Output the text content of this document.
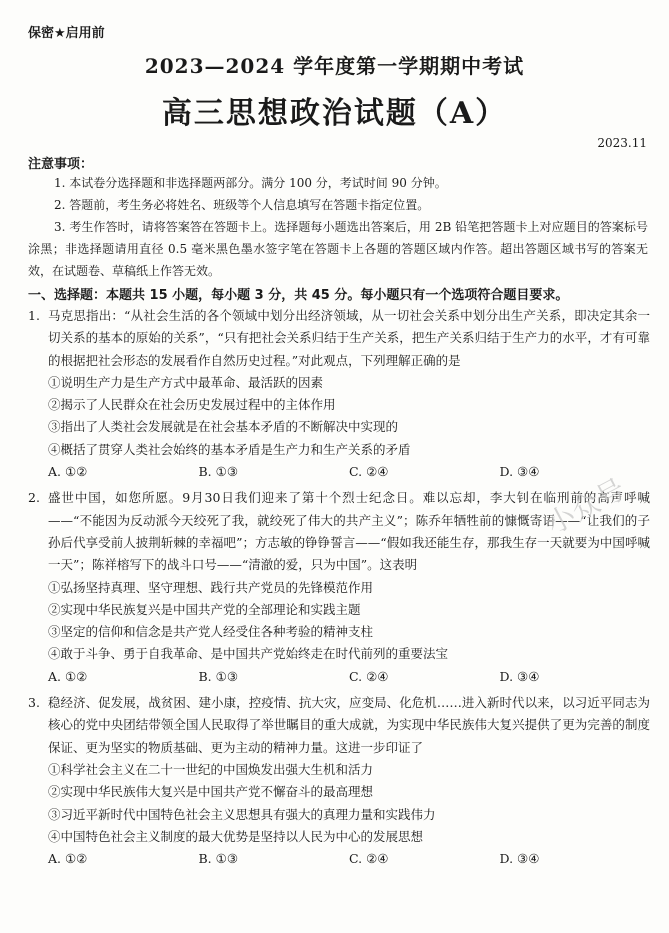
保密★启用前
2023—2024 学年度第一学期期中考试
高三思想政治试题（A）
2023.11
注意事项：

1. 本试卷分选择题和非选择题两部分。满分 100 分，考试时间 90 分钟。

2. 答题前，考生务必将姓名、班级等个人信息填写在答题卡指定位置。

3. 考生作答时，请将答案答在答题卡上。选择题每小题选出答案后，用 2B 铅笔把答题卡上对应题目的答案标号涂黑；非选择题请用直径 0.5 毫米黑色墨水签字笔在答题卡上各题的答题区域内作答。超出答题区域书写的答案无效，在试题卷、草稿纸上作答无效。

一、选择题：本题共 15 小题，每小题 3 分，共 45 分。每小题只有一个选项符合题目要求。

1. 马克思指出：“从社会生活的各个领域中划分出经济领域，从一切社会关系中划分出生产关系，即决定其余一切关系的基本的原始的关系”，“只有把社会关系归结于生产关系，把生产关系归结于生产力的水平，才有可靠的根据把社会形态的发展看作自然历史过程。”对此观点，下列理解正确的是

①说明生产力是生产方式中最革命、最活跃的因素

②揭示了人民群众在社会历史发展过程中的主体作用

③指出了人类社会发展就是在社会基本矛盾的不断解决中实现的

④概括了贯穿人类社会始终的基本矛盾是生产力和生产关系的矛盾

A. ①②	B. ①③	C. ②④	D. ③④

2. 盛世中国，如您所愿。9月30日我们迎来了第十个烈士纪念日。难以忘却，李大钊在临刑前的高声呼喊——“不能因为反动派今天绞死了我，就绞死了伟大的共产主义”；陈乔年牺牲前的慷慨寄语——“让我们的子孙后代享受前人披荆斩棘的幸福吧”；方志敏的铮铮誓言——“假如我还能生存，那我生存一天就要为中国呼喊一天”；陈祥榕写下的战斗口号——“清澈的爱，只为中国”。这表明

①弘扬坚持真理、坚守理想、践行共产党员的先锋模范作用

②实现中华民族复兴是中国共产党的全部理论和实践主题

③坚定的信仰和信念是共产党人经受住各种考验的精神支柱

④敢于斗争、勇于自我革命、是中国共产党始终走在时代前列的重要法宝

A. ①②	B. ①③	C. ②④	D. ③④

3. 稳经济、促发展，战贫困、建小康，控疫情、抗大灾，应变局、化危机……进入新时代以来，以习近平同志为核心的党中央团结带领全国人民取得了举世瞩目的重大成就，为实现中华民族伟大复兴提供了更为完善的制度保证、更为坚实的物质基础、更为主动的精神力量。这进一步印证了

①科学社会主义在二十一世纪的中国焕发出强大生机和活力

②实现中华民族伟大复兴是中国共产党不懈奋斗的最高理想

③习近平新时代中国特色社会主义思想具有强大的真理力量和实践伟力

④中国特色社会主义制度的最大优势是坚持以人民为中心的发展思想

A. ①②	B. ①③	C. ②④	D. ③④
小众号
